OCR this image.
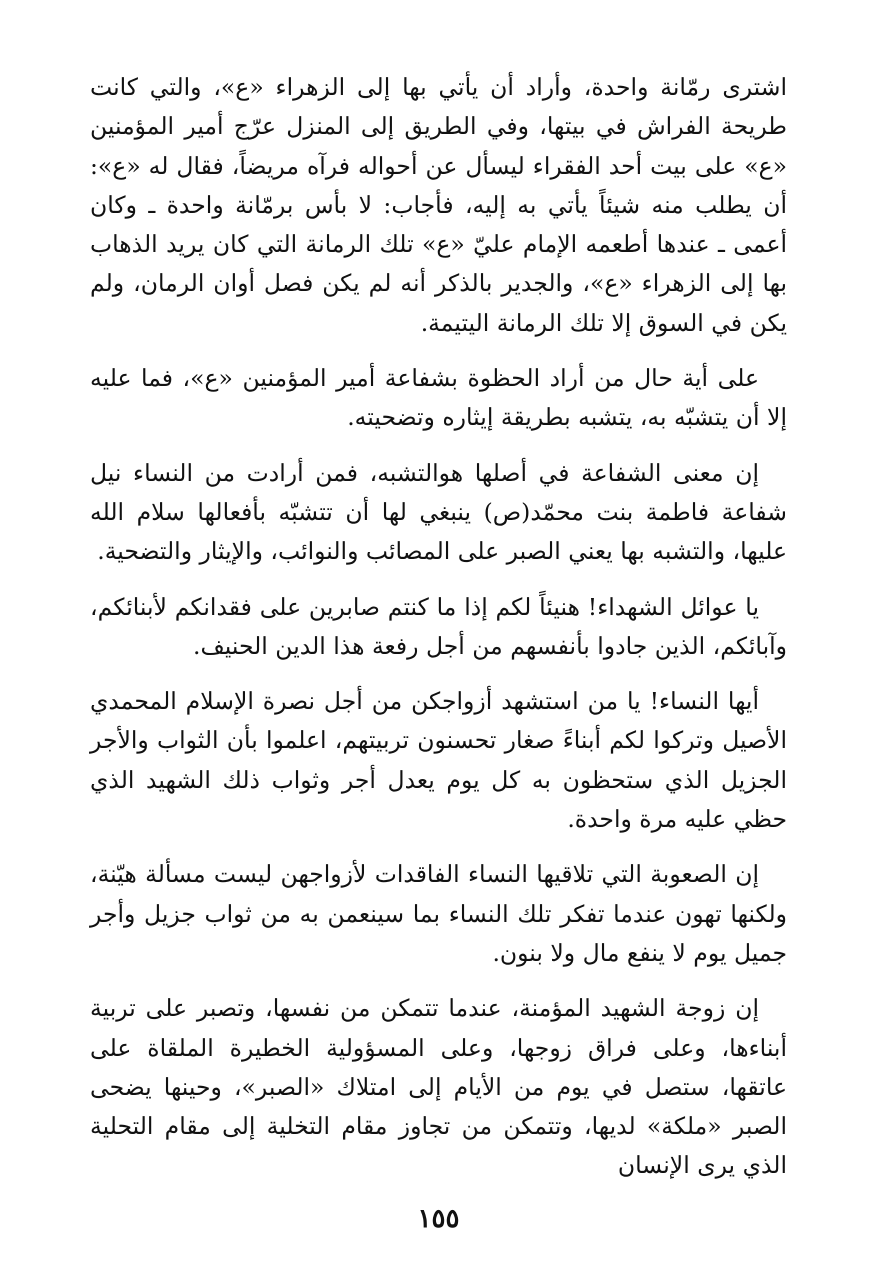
اشترى رمّانة واحدة، وأراد أن يأتي بها إلى الزهراء «ع»، والتي كانت طريحة الفراش في بيتها، وفي الطريق إلى المنزل عرّج أمير المؤمنين «ع» على بيت أحد الفقراء ليسأل عن أحواله فرآه مريضاً، فقال له «ع»: أن يطلب منه شيئاً يأتي به إليه، فأجاب: لا بأس برمّانة واحدة ـ وكان أعمى ـ عندها أطعمه الإمام عليّ «ع» تلك الرمانة التي كان يريد الذهاب بها إلى الزهراء «ع»، والجدير بالذكر أنه لم يكن فصل أوان الرمان، ولم يكن في السوق إلا تلك الرمانة اليتيمة.

على أية حال من أراد الحظوة بشفاعة أمير المؤمنين «ع»، فما عليه إلا أن يتشبّه به، يتشبه بطريقة إيثاره وتضحيته.

إن معنى الشفاعة في أصلها هوالتشبه، فمن أرادت من النساء نيل شفاعة فاطمة بنت محمّد(ص) ينبغي لها أن تتشبّه بأفعالها سلام الله عليها، والتشبه بها يعني الصبر على المصائب والنوائب، والإيثار والتضحية.

يا عوائل الشهداء! هنيئاً لكم إذا ما كنتم صابرين على فقدانكم لأبنائكم، وآبائكم، الذين جادوا بأنفسهم من أجل رفعة هذا الدين الحنيف.

أيها النساء! يا من استشهد أزواجكن من أجل نصرة الإسلام المحمدي الأصيل وتركوا لكم أبناءً صغار تحسنون تربيتهم، اعلموا بأن الثواب والأجر الجزيل الذي ستحظون به كل يوم يعدل أجر وثواب ذلك الشهيد الذي حظي عليه مرة واحدة.

إن الصعوبة التي تلاقيها النساء الفاقدات لأزواجهن ليست مسألة هيّنة، ولكنها تهون عندما تفكر تلك النساء بما سينعمن به من ثواب جزيل وأجر جميل يوم لا ينفع مال ولا بنون.

إن زوجة الشهيد المؤمنة، عندما تتمكن من نفسها، وتصبر على تربية أبناءها، وعلى فراق زوجها، وعلى المسؤولية الخطيرة الملقاة على عاتقها، ستصل في يوم من الأيام إلى امتلاك «الصبر»، وحينها يضحى الصبر «ملكة» لديها، وتتمكن من تجاوز مقام التخلية إلى مقام التحلية الذي يرى الإنسان

١٥٥
